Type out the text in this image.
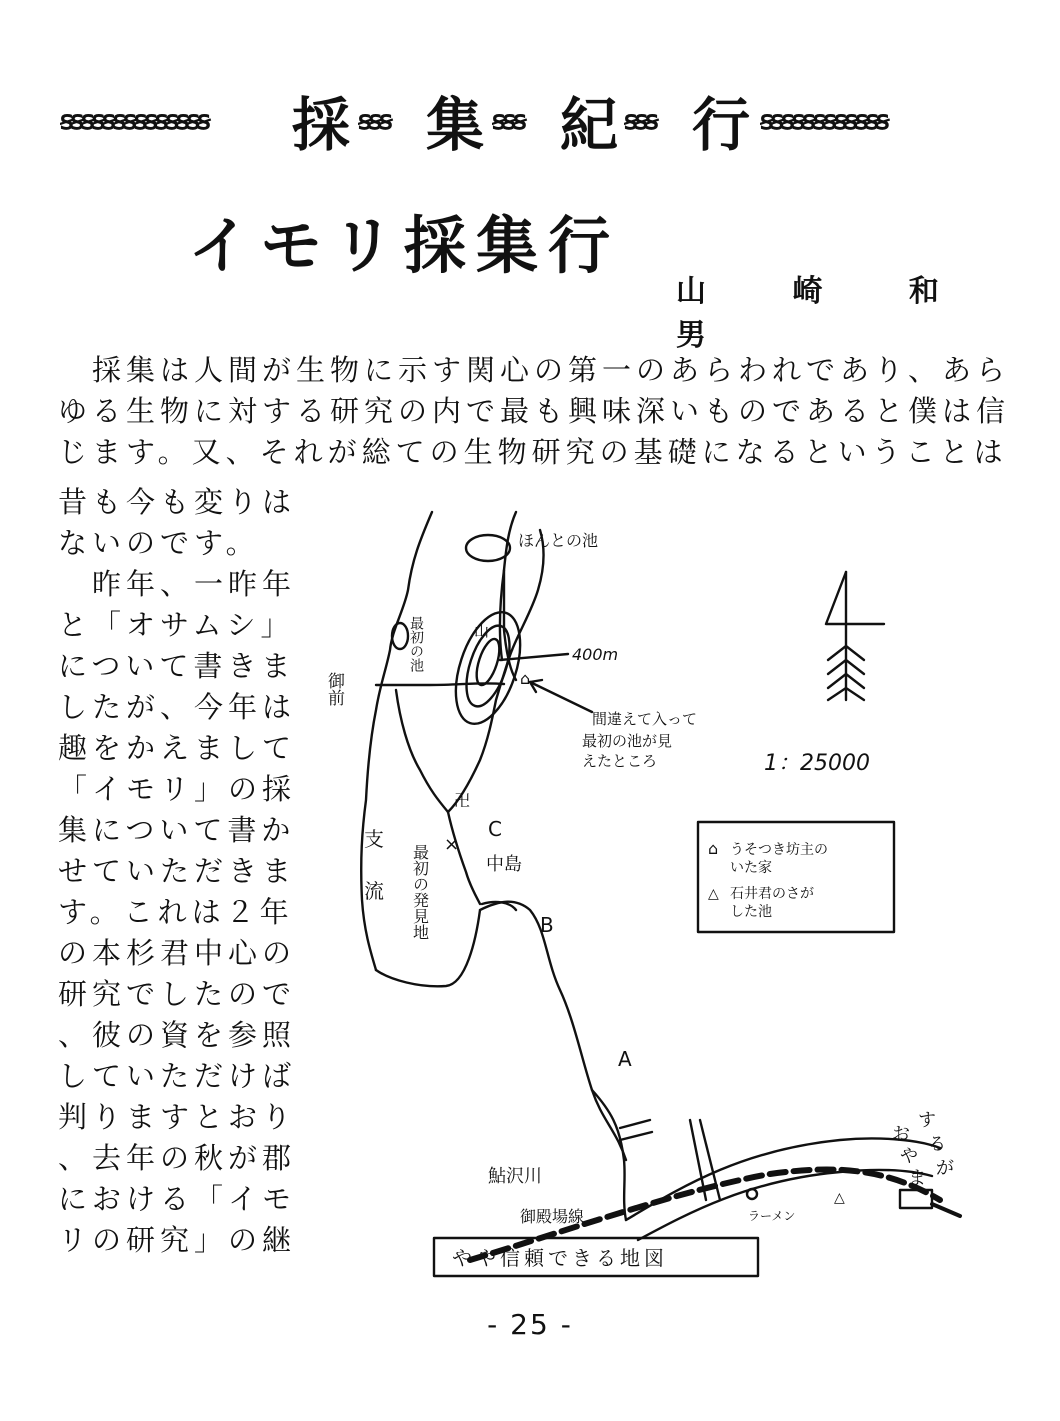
ꞩꞩꞩꞩꞩꞩꞩꞩꞩꞩꞩꞩꞩꞩ	採 ꞩꞩꞩ 集 ꞩꞩꞩ 紀 ꞩꞩꞩ 行 ꞩꞩꞩꞩꞩꞩꞩꞩꞩꞩꞩꞩ
イモリ採集行
山 崎 和 男

　採集は人間が生物に示す関心の第一のあらわれであり、あら

ゆる生物に対する研究の内で最も興味深いものであると僕は信

じます。又、それが総ての生物研究の基礎になるということは

昔も今も変りは

ないのです。

　昨年、一昨年

と「オサムシ」

について書きま

したが、今年は

趣をかえまして

「イモリ」の採

集について書か

せていただきま

す。これは２年

の本杉君中心の

研究でしたので

、彼の資を参照

していただけば

判りますとおり

、去年の秋が郡

における「イモ

リの研究」の継

ほんとの池
最初の池
御前
山
400m
間違えて入って
最初の池が見
えたところ	1：25000
卍
⌂
C
B
A
×
支
流 最初の発見地	中島
鮎沢川
御殿場線	ラーメン
す
る
が
お
や
ま
⌂ うそつき坊主の
いた家
△ 石井君のさが
した池
△
やや信頼できる地図
- 25 -
